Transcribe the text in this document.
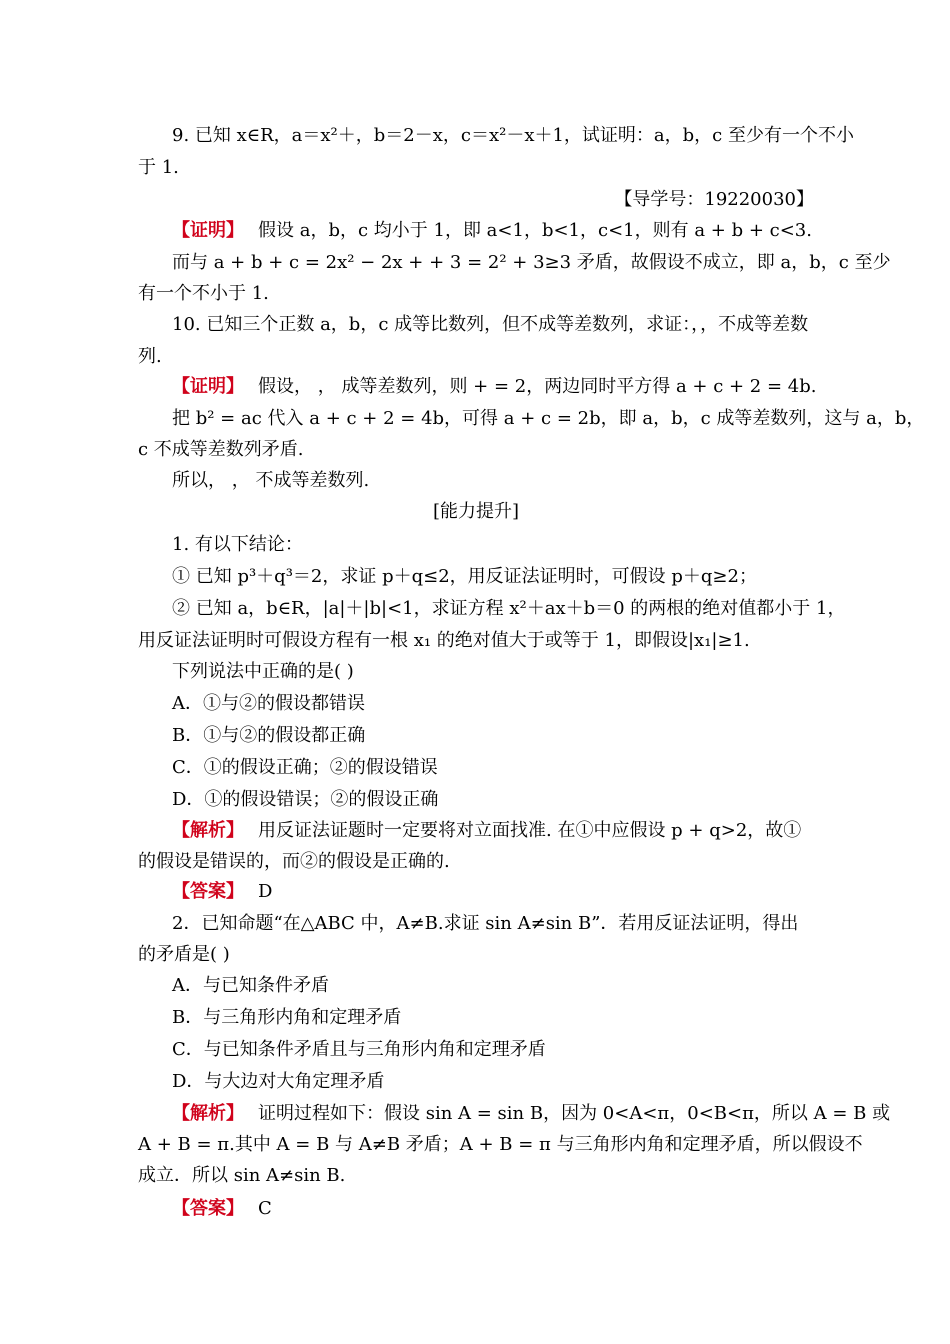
9. 已知 x∈R，a＝x²＋，b＝2－x，c＝x²－x＋1，试证明：a，b，c 至少有一个不小
于 1.
【导学号：19220030】
【证明】 假设 a，b，c 均小于 1，即 a<1，b<1，c<1，则有 a + b + c<3.
而与 a + b + c = 2x² − 2x + + 3 = 2² + 3≥3 矛盾，故假设不成立，即 a，b，c 至少
有一个不小于 1.
10. 已知三个正数 a，b，c 成等比数列，但不成等差数列，求证：，，不成等差数
列.
【证明】 假设， ， 成等差数列，则 + = 2，两边同时平方得 a + c + 2 = 4b.
把 b² = ac 代入 a + c + 2 = 4b，可得 a + c = 2b，即 a，b，c 成等差数列，这与 a，b，
c 不成等差数列矛盾.
所以， ， 不成等差数列.
[能力提升]
1. 有以下结论：
① 已知 p³＋q³＝2，求证 p＋q≤2，用反证法证明时，可假设 p＋q≥2；
② 已知 a，b∈R，|a|＋|b|<1，求证方程 x²＋ax＋b＝0 的两根的绝对值都小于 1，
用反证法证明时可假设方程有一根 x₁ 的绝对值大于或等于 1，即假设|x₁|≥1.
下列说法中正确的是( )
A．①与②的假设都错误
B．①与②的假设都正确
C．①的假设正确；②的假设错误
D．①的假设错误；②的假设正确
【解析】 用反证法证题时一定要将对立面找准. 在①中应假设 p + q>2，故①
的假设是错误的，而②的假设是正确的.
【答案】 D
2．已知命题“在△ABC 中，A≠B.求证 sin A≠sin B”．若用反证法证明，得出
的矛盾是( )
A．与已知条件矛盾
B．与三角形内角和定理矛盾
C．与已知条件矛盾且与三角形内角和定理矛盾
D．与大边对大角定理矛盾
【解析】 证明过程如下：假设 sin A = sin B，因为 0<A<π，0<B<π，所以 A = B 或
A + B = π.其中 A = B 与 A≠B 矛盾；A + B = π 与三角形内角和定理矛盾，所以假设不
成立．所以 sin A≠sin B.
【答案】 C
